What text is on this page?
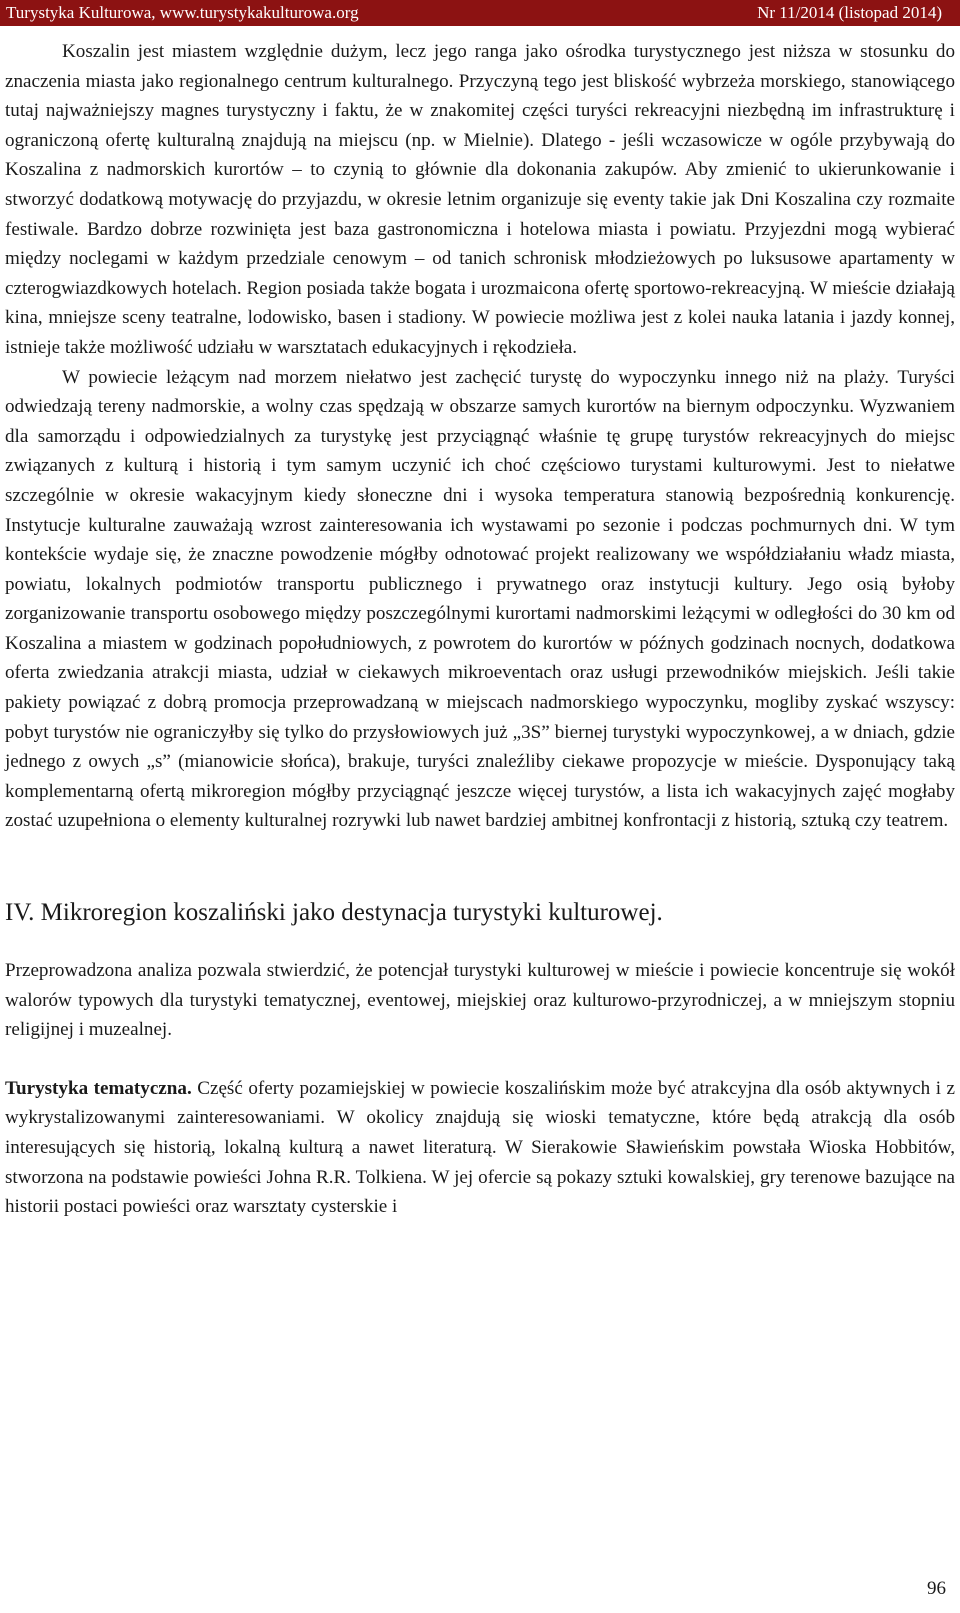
Turystyka Kulturowa, www.turystykakulturowa.org	Nr 11/2014 (listopad 2014)

Koszalin jest miastem względnie dużym, lecz jego ranga jako ośrodka turystycznego jest niższa w stosunku do znaczenia miasta jako regionalnego centrum kulturalnego. Przyczyną tego jest bliskość wybrzeża morskiego, stanowiącego tutaj najważniejszy magnes turystyczny i faktu, że w znakomitej części turyści rekreacyjni niezbędną im infrastrukturę i ograniczoną ofertę kulturalną znajdują na miejscu (np. w Mielnie). Dlatego - jeśli wczasowicze w ogóle przybywają do Koszalina z nadmorskich kurortów – to czynią to głównie dla dokonania zakupów. Aby zmienić to ukierunkowanie i stworzyć dodatkową motywację do przyjazdu, w okresie letnim organizuje się eventy takie jak Dni Koszalina czy rozmaite festiwale. Bardzo dobrze rozwinięta jest baza gastronomiczna i hotelowa miasta i powiatu. Przyjezdni mogą wybierać między noclegami w każdym przedziale cenowym – od tanich schronisk młodzieżowych po luksusowe apartamenty w czterogwiazdkowych hotelach. Region posiada także bogata i urozmaicona ofertę sportowo-rekreacyjną. W mieście działają kina, mniejsze sceny teatralne, lodowisko, basen i stadiony. W powiecie możliwa jest z kolei nauka latania i jazdy konnej, istnieje także możliwość udziału w warsztatach edukacyjnych i rękodzieła.

W powiecie leżącym nad morzem niełatwo jest zachęcić turystę do wypoczynku innego niż na plaży. Turyści odwiedzają tereny nadmorskie, a wolny czas spędzają w obszarze samych kurortów na biernym odpoczynku. Wyzwaniem dla samorządu i odpowiedzialnych za turystykę jest przyciągnąć właśnie tę grupę turystów rekreacyjnych do miejsc związanych z kulturą i historią i tym samym uczynić ich choć częściowo turystami kulturowymi. Jest to niełatwe szczególnie w okresie wakacyjnym kiedy słoneczne dni i wysoka temperatura stanowią bezpośrednią konkurencję. Instytucje kulturalne zauważają wzrost zainteresowania ich wystawami po sezonie i podczas pochmurnych dni. W tym kontekście wydaje się, że znaczne powodzenie mógłby odnotować projekt realizowany we współdziałaniu władz miasta, powiatu, lokalnych podmiotów transportu publicznego i prywatnego oraz instytucji kultury. Jego osią byłoby zorganizowanie transportu osobowego między poszczególnymi kurortami nadmorskimi leżącymi w odległości do 30 km od Koszalina a miastem w godzinach popołudniowych, z powrotem do kurortów w późnych godzinach nocnych, dodatkowa oferta zwiedzania atrakcji miasta, udział w ciekawych mikroeventach oraz usługi przewodników miejskich. Jeśli takie pakiety powiązać z dobrą promocja przeprowadzaną w miejscach nadmorskiego wypoczynku, mogliby zyskać wszyscy: pobyt turystów nie ograniczyłby się tylko do przysłowiowych już „3S” biernej turystyki wypoczynkowej, a w dniach, gdzie jednego z owych „s” (mianowicie słońca), brakuje, turyści znaleźliby ciekawe propozycje w mieście. Dysponujący taką komplementarną ofertą mikroregion mógłby przyciągnąć jeszcze więcej turystów, a lista ich wakacyjnych zajęć mogłaby zostać uzupełniona o elementy kulturalnej rozrywki lub nawet bardziej ambitnej konfrontacji z historią, sztuką czy teatrem.

IV. Mikroregion koszaliński jako destynacja turystyki kulturowej.

Przeprowadzona analiza pozwala stwierdzić, że potencjał turystyki kulturowej w mieście i powiecie koncentruje się wokół walorów typowych dla turystyki tematycznej, eventowej, miejskiej oraz kulturowo-przyrodniczej, a w mniejszym stopniu religijnej i muzealnej.

Turystyka tematyczna. Część oferty pozamiejskiej w powiecie koszalińskim może być atrakcyjna dla osób aktywnych i z wykrystalizowanymi zainteresowaniami. W okolicy znajdują się wioski tematyczne, które będą atrakcją dla osób interesujących się historią, lokalną kulturą a nawet literaturą. W Sierakowie Sławieńskim powstała Wioska Hobbitów, stworzona na podstawie powieści Johna R.R. Tolkiena. W jej ofercie są pokazy sztuki kowalskiej, gry terenowe bazujące na historii postaci powieści oraz warsztaty cysterskie i

96
